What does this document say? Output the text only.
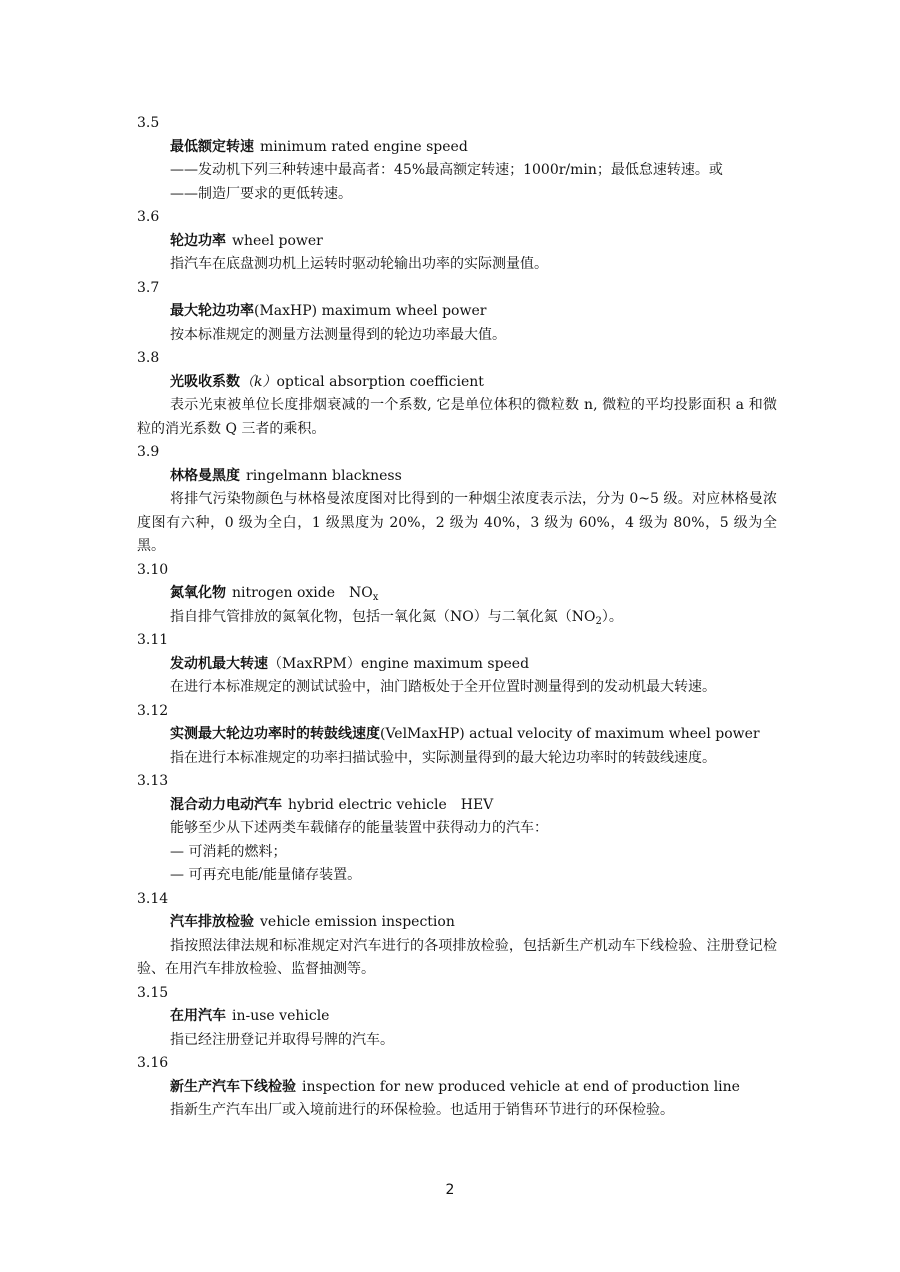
3.5

最低额定转速 minimum rated engine speed

——发动机下列三种转速中最高者：45%最高额定转速；1000r/min；最低怠速转速。或

——制造厂要求的更低转速。

3.6

轮边功率 wheel power

指汽车在底盘测功机上运转时驱动轮输出功率的实际测量值。

3.7

最大轮边功率(MaxHP) maximum wheel power

按本标准规定的测量方法测量得到的轮边功率最大值。

3.8

光吸收系数（k）optical absorption coefficient

表示光束被单位长度排烟衰减的一个系数, 它是单位体积的微粒数 n, 微粒的平均投影面积 a 和微粒的消光系数 Q 三者的乘积。

3.9

林格曼黑度 ringelmann blackness

将排气污染物颜色与林格曼浓度图对比得到的一种烟尘浓度表示法，分为 0~5 级。对应林格曼浓度图有六种，0 级为全白，1 级黑度为 20%，2 级为 40%，3 级为 60%，4 级为 80%，5 级为全黑。

3.10

氮氧化物 nitrogen oxide $NO_x$

指自排气管排放的氮氧化物，包括一氧化氮（NO）与二氧化氮$(NO_2)$。

3.11

发动机最大转速（MaxRPM）engine maximum speed

在进行本标准规定的测试试验中，油门踏板处于全开位置时测量得到的发动机最大转速。

3.12

实测最大轮边功率时的转鼓线速度(VelMaxHP) actual velocity of maximum wheel power

指在进行本标准规定的功率扫描试验中，实际测量得到的最大轮边功率时的转鼓线速度。

3.13

混合动力电动汽车 hybrid electric vehicle HEV

能够至少从下述两类车载储存的能量装置中获得动力的汽车：

— 可消耗的燃料；

— 可再充电能/能量储存装置。

3.14

汽车排放检验 vehicle emission inspection

指按照法律法规和标准规定对汽车进行的各项排放检验，包括新生产机动车下线检验、注册登记检验、在用汽车排放检验、监督抽测等。

3.15

在用汽车 in-use vehicle

指已经注册登记并取得号牌的汽车。

3.16

新生产汽车下线检验 inspection for new produced vehicle at end of production line

指新生产汽车出厂或入境前进行的环保检验。也适用于销售环节进行的环保检验。

2
